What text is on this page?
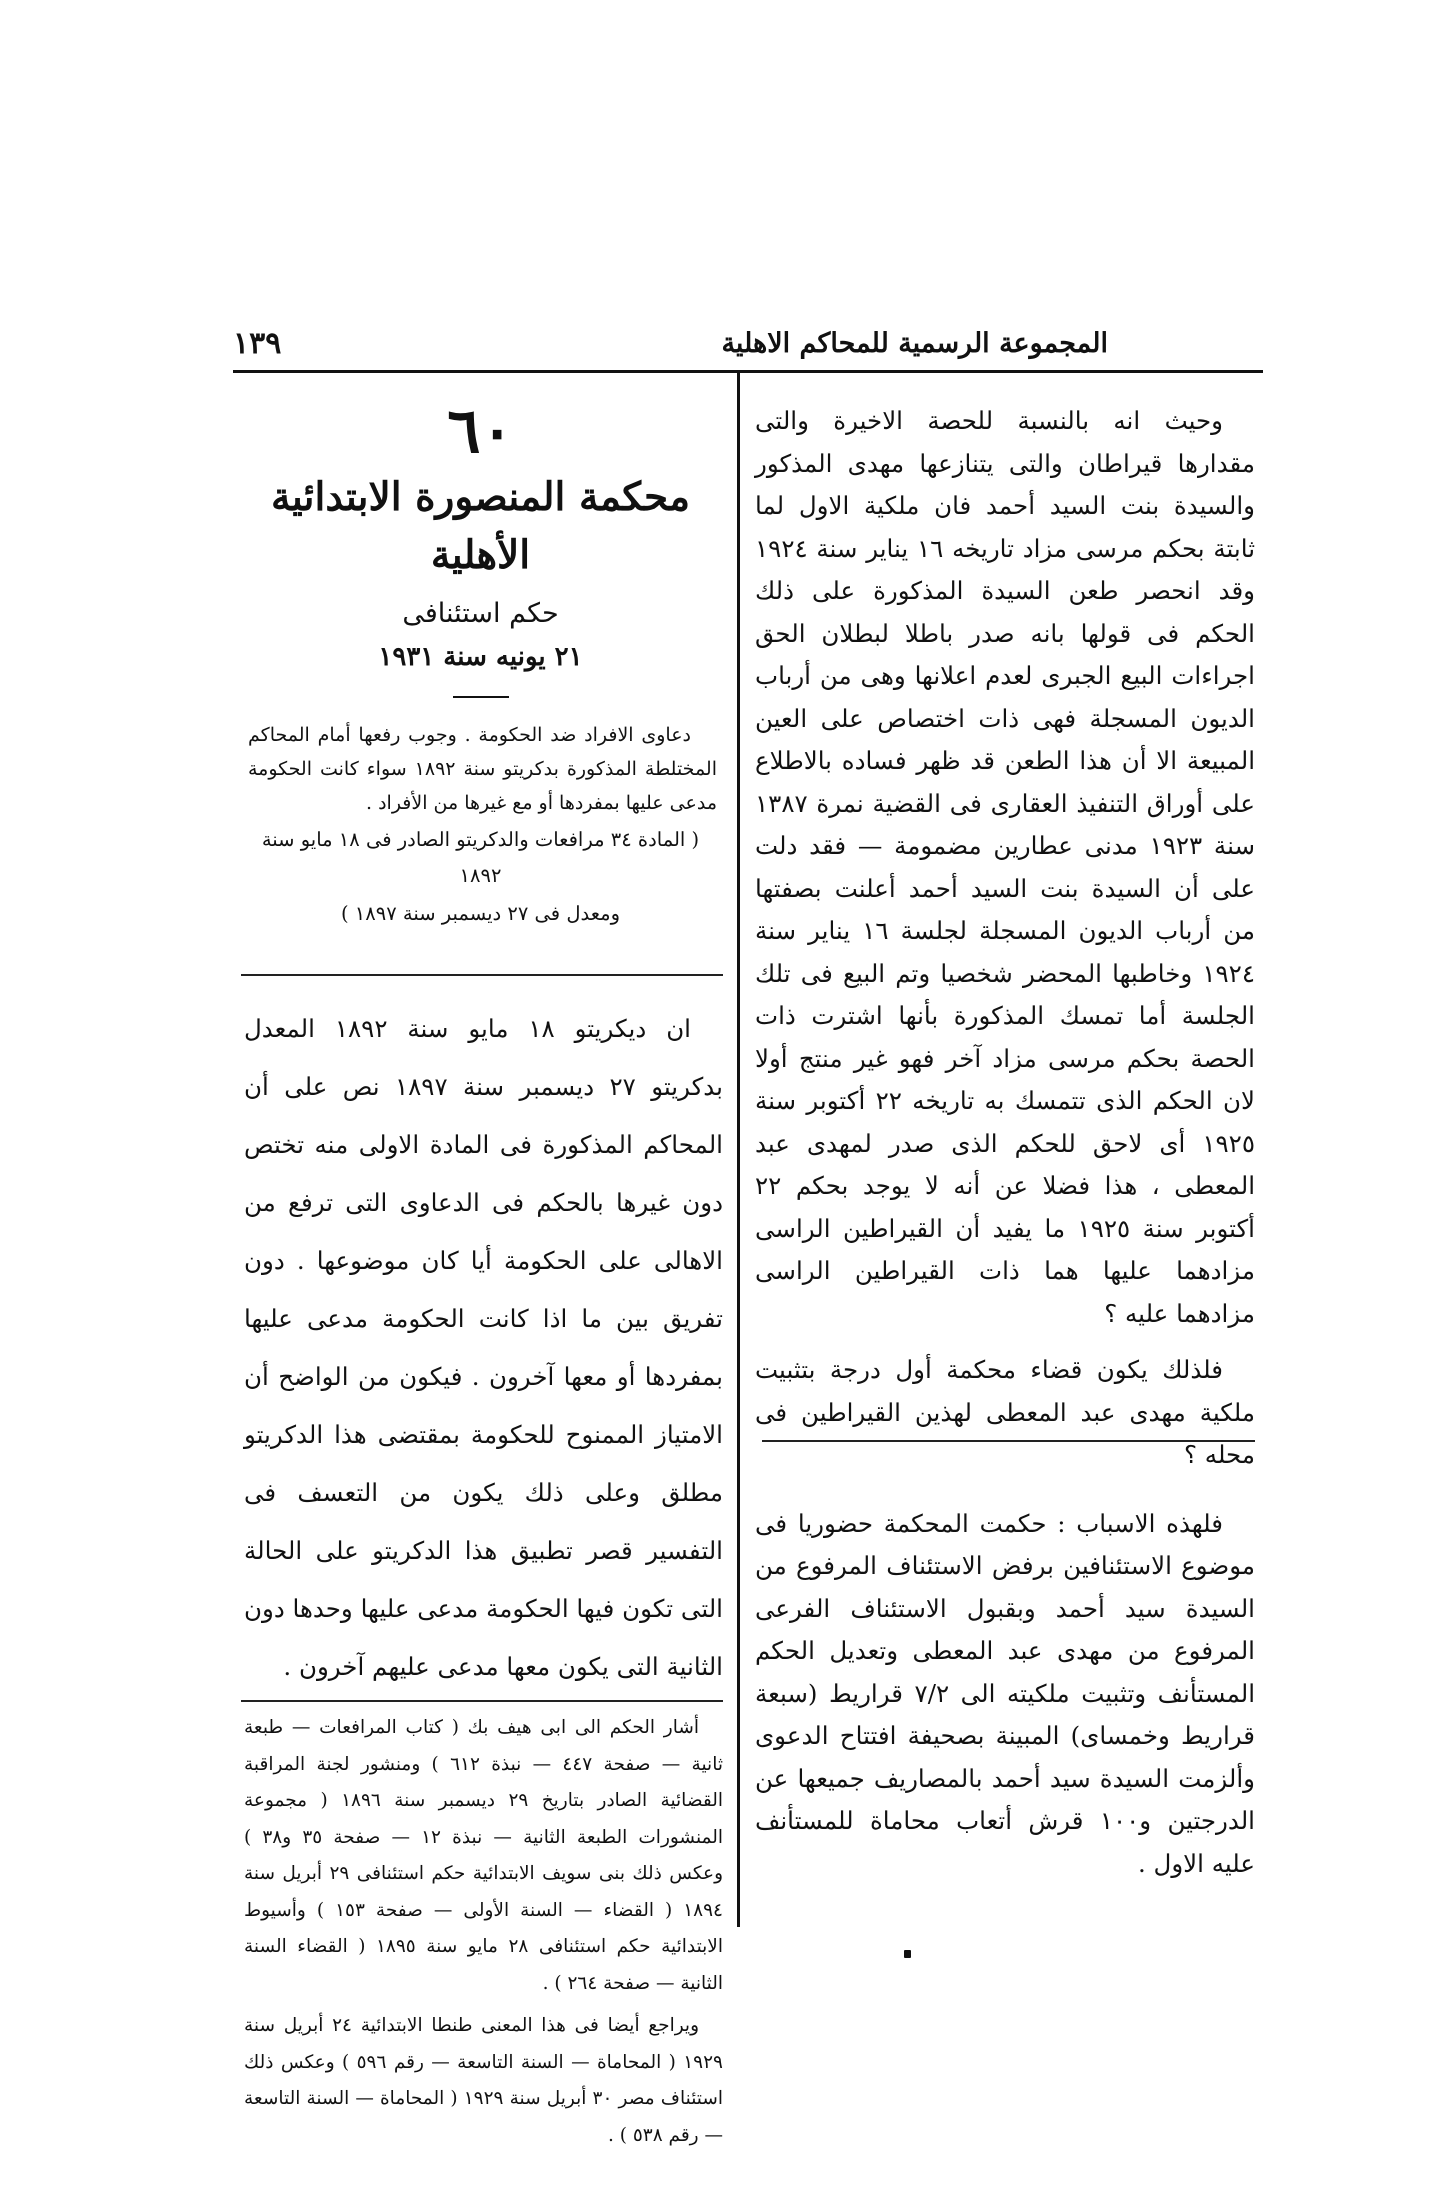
المجموعة الرسمية للمحاكم الاهلية
١٣٩

وحيث انه بالنسبة للحصة الاخيرة والتى مقدارها قيراطان والتى يتنازعها مهدى المذكور والسيدة بنت السيد أحمد فان ملكية الاول لما ثابتة بحكم مرسى مزاد تاريخه ١٦ يناير سنة ١٩٢٤ وقد انحصر طعن السيدة المذكورة على ذلك الحكم فى قولها بانه صدر باطلا لبطلان الحق اجراءات البيع الجبرى لعدم اعلانها وهى من أرباب الديون المسجلة فهى ذات اختصاص على العين المبيعة الا أن هذا الطعن قد ظهر فساده بالاطلاع على أوراق التنفيذ العقارى فى القضية نمرة ١٣٨٧ سنة ١٩٢٣ مدنى عطارين مضمومة — فقد دلت على أن السيدة بنت السيد أحمد أعلنت بصفتها من أرباب الديون المسجلة لجلسة ١٦ يناير سنة ١٩٢٤ وخاطبها المحضر شخصيا وتم البيع فى تلك الجلسة أما تمسك المذكورة بأنها اشترت ذات الحصة بحكم مرسى مزاد آخر فهو غير منتج أولا لان الحكم الذى تتمسك به تاريخه ٢٢ أكتوبر سنة ١٩٢٥ أى لاحق للحكم الذى صدر لمهدى عبد المعطى ، هذا فضلا عن أنه لا يوجد بحكم ٢٢ أكتوبر سنة ١٩٢٥ ما يفيد أن القيراطين الراسى مزادهما عليها هما ذات القيراطين الراسى مزادهما عليه ؟

فلذلك يكون قضاء محكمة أول درجة بتثبيت ملكية مهدى عبد المعطى لهذين القيراطين فى محله ؟

فلهذه الاسباب : حكمت المحكمة حضوريا فى موضوع الاستئنافين برفض الاستئناف المرفوع من السيدة سيد أحمد وبقبول الاستئناف الفرعى المرفوع من مهدى عبد المعطى وتعديل الحكم المستأنف وتثبيت ملكيته الى ٧/٢ قراريط (سبعة قراريط وخمساى) المبينة بصحيفة افتتاح الدعوى وألزمت السيدة سيد أحمد بالمصاريف جميعها عن الدرجتين و١٠٠ قرش أتعاب محاماة للمستأنف عليه الاول .

٦٠
محكمة المنصورة الابتدائية الأهلية
حكم استئنافى
٢١ يونيه سنة ١٩٣١

دعاوى الافراد ضد الحكومة . وجوب رفعها أمام المحاكم المختلطة المذكورة بدكريتو سنة ١٨٩٢ سواء كانت الحكومة مدعى عليها بمفردها أو مع غيرها من الأفراد .

( المادة ٣٤ مرافعات والدكريتو الصادر فى ١٨ مايو سنة ١٨٩٢

ومعدل فى ٢٧ ديسمبر سنة ١٨٩٧ )

ان ديكريتو ١٨ مايو سنة ١٨٩٢ المعدل بدكريتو ٢٧ ديسمبر سنة ١٨٩٧ نص على أن المحاكم المذكورة فى المادة الاولى منه تختص دون غيرها بالحكم فى الدعاوى التى ترفع من الاهالى على الحكومة أيا كان موضوعها . دون تفريق بين ما اذا كانت الحكومة مدعى عليها بمفردها أو معها آخرون . فيكون من الواضح أن الامتياز الممنوح للحكومة بمقتضى هذا الدكريتو مطلق وعلى ذلك يكون من التعسف فى التفسير قصر تطبيق هذا الدكريتو على الحالة التى تكون فيها الحكومة مدعى عليها وحدها دون الثانية التى يكون معها مدعى عليهم آخرون .

أشار الحكم الى ابى هيف بك ( كتاب المرافعات — طبعة ثانية — صفحة ٤٤٧ — نبذة ٦١٢ ) ومنشور لجنة المراقبة القضائية الصادر بتاريخ ٢٩ ديسمبر سنة ١٨٩٦ ( مجموعة المنشورات الطبعة الثانية — نبذة ١٢ — صفحة ٣٥ و٣٨ ) وعكس ذلك بنى سويف الابتدائية حكم استئنافى ٢٩ أبريل سنة ١٨٩٤ ( القضاء — السنة الأولى — صفحة ١٥٣ ) وأسيوط الابتدائية حكم استئنافى ٢٨ مايو سنة ١٨٩٥ ( القضاء السنة الثانية — صفحة ٢٦٤ ) .

ويراجع أيضا فى هذا المعنى طنطا الابتدائية ٢٤ أبريل سنة ١٩٢٩ ( المحاماة — السنة التاسعة — رقم ٥٩٦ ) وعكس ذلك استئناف مصر ٣٠ أبريل سنة ١٩٢٩ ( المحاماة — السنة التاسعة — رقم ٥٣٨ ) .
